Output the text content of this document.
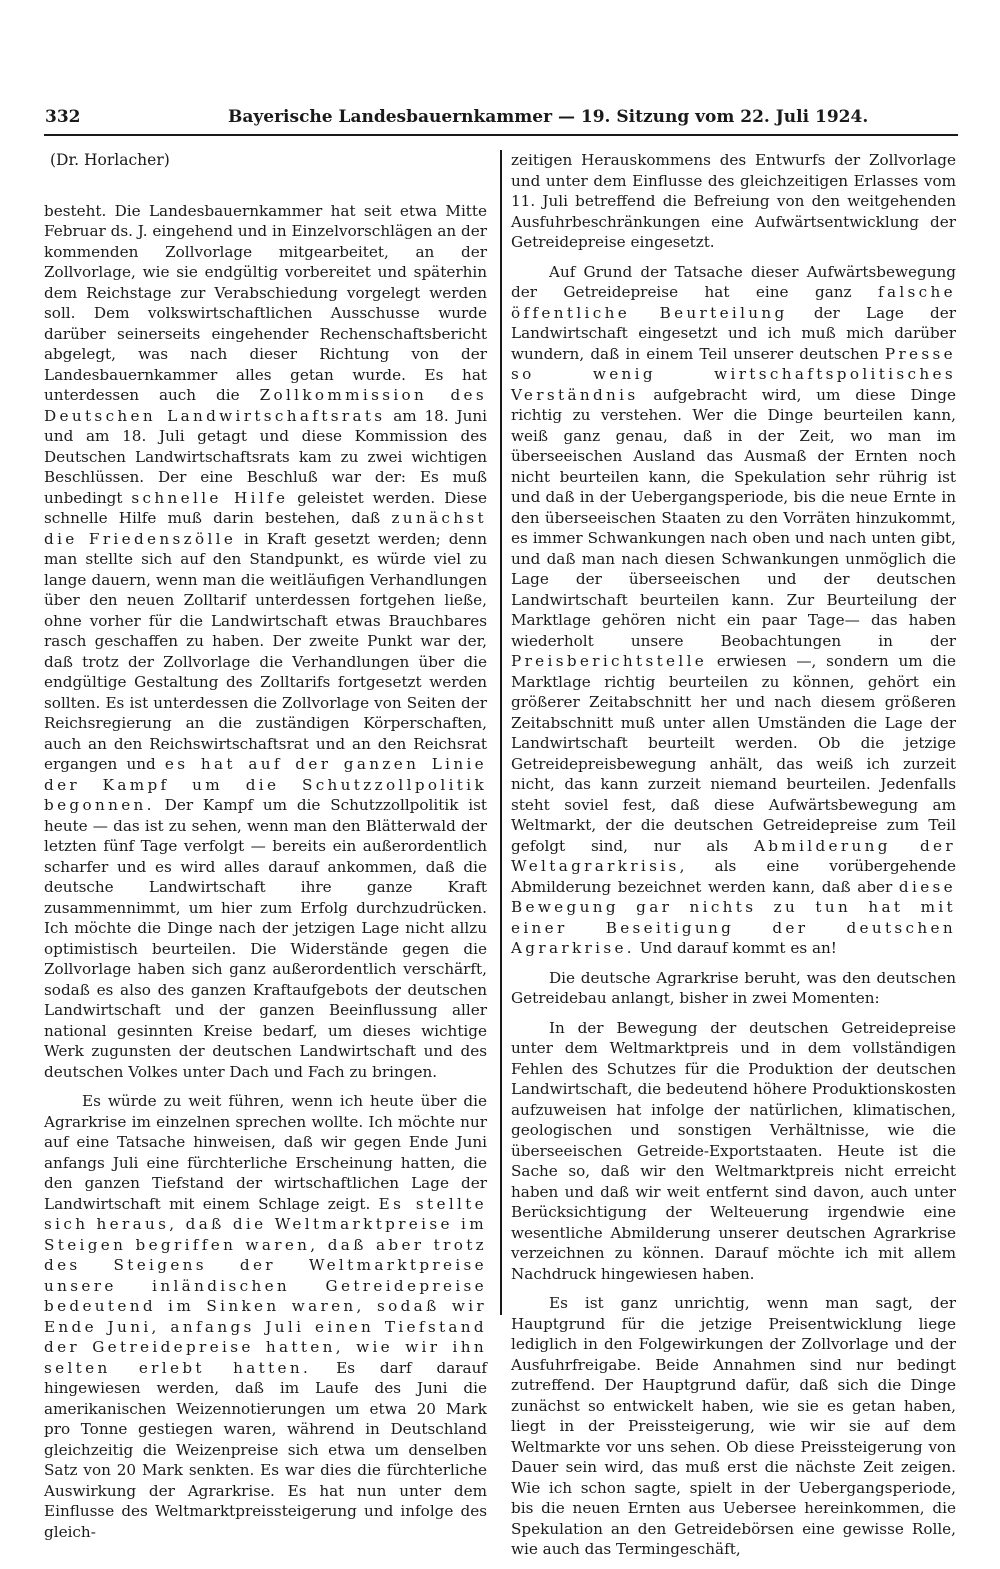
332	Bayerische Landesbauernkammer — 19. Sitzung vom 22. Juli 1924.
(Dr. Horlacher)

besteht. Die Landesbauernkammer hat seit etwa Mitte Februar ds. J. eingehend und in Einzelvorschlägen an der kommenden Zollvorlage mitgearbeitet, an der Zollvorlage, wie sie endgültig vorbereitet und späterhin dem Reichstage zur Verabschiedung vorgelegt werden soll. Dem volkswirtschaftlichen Ausschusse wurde darüber seinerseits eingehender Rechenschaftsbericht abgelegt, was nach dieser Richtung von der Landesbauernkammer alles getan wurde. Es hat unterdessen auch die Zollkommission des Deutschen Landwirtschaftsrats am 18. Juni und am 18. Juli getagt und diese Kommission des Deutschen Landwirtschaftsrats kam zu zwei wichtigen Beschlüssen. Der eine Beschluß war der: Es muß unbedingt schnelle Hilfe geleistet werden. Diese schnelle Hilfe muß darin bestehen, daß zunächst die Friedenszölle in Kraft gesetzt werden; denn man stellte sich auf den Standpunkt, es würde viel zu lange dauern, wenn man die weitläufigen Verhandlungen über den neuen Zolltarif unterdessen fortgehen ließe, ohne vorher für die Landwirtschaft etwas Brauchbares rasch geschaffen zu haben. Der zweite Punkt war der, daß trotz der Zollvorlage die Verhandlungen über die endgültige Gestaltung des Zolltarifs fortgesetzt werden sollten. Es ist unterdessen die Zollvorlage von Seiten der Reichsregierung an die zuständigen Körperschaften, auch an den Reichswirtschaftsrat und an den Reichsrat ergangen und es hat auf der ganzen Linie der Kampf um die Schutzzollpolitik begonnen. Der Kampf um die Schutzzollpolitik ist heute — das ist zu sehen, wenn man den Blätterwald der letzten fünf Tage verfolgt — bereits ein außerordentlich scharfer und es wird alles darauf ankommen, daß die deutsche Landwirtschaft ihre ganze Kraft zusammennimmt, um hier zum Erfolg durchzudrücken. Ich möchte die Dinge nach der jetzigen Lage nicht allzu optimistisch beurteilen. Die Widerstände gegen die Zollvorlage haben sich ganz außerordentlich verschärft, sodaß es also des ganzen Kraftaufgebots der deutschen Landwirtschaft und der ganzen Beeinflussung aller national gesinnten Kreise bedarf, um dieses wichtige Werk zugunsten der deutschen Landwirtschaft und des deutschen Volkes unter Dach und Fach zu bringen.

Es würde zu weit führen, wenn ich heute über die Agrarkrise im einzelnen sprechen wollte. Ich möchte nur auf eine Tatsache hinweisen, daß wir gegen Ende Juni anfangs Juli eine fürchterliche Erscheinung hatten, die den ganzen Tiefstand der wirtschaftlichen Lage der Landwirtschaft mit einem Schlage zeigt. Es stellte sich heraus, daß die Weltmarktpreise im Steigen begriffen waren, daß aber trotz des Steigens der Weltmarktpreise unsere inländischen Getreidepreise bedeutend im Sinken waren, sodaß wir Ende Juni, anfangs Juli einen Tiefstand der Getreidepreise hatten, wie wir ihn selten erlebt hatten. Es darf darauf hingewiesen werden, daß im Laufe des Juni die amerikanischen Weizennotierungen um etwa 20 Mark pro Tonne gestiegen waren, während in Deutschland gleichzeitig die Weizenpreise sich etwa um denselben Satz von 20 Mark senkten. Es war dies die fürchterliche Auswirkung der Agrarkrise. Es hat nun unter dem Einflusse des Weltmarktpreissteigerung und infolge des gleich-

zeitigen Herauskommens des Entwurfs der Zollvorlage und unter dem Einflusse des gleichzeitigen Erlasses vom 11. Juli betreffend die Befreiung von den weitgehenden Ausfuhrbeschränkungen eine Aufwärtsentwicklung der Getreidepreise eingesetzt.

Auf Grund der Tatsache dieser Aufwärtsbewegung der Getreidepreise hat eine ganz falsche öffentliche Beurteilung der Lage der Landwirtschaft eingesetzt und ich muß mich darüber wundern, daß in einem Teil unserer deutschen Presse so wenig wirtschaftspolitisches Verständnis aufgebracht wird, um diese Dinge richtig zu verstehen. Wer die Dinge beurteilen kann, weiß ganz genau, daß in der Zeit, wo man im überseeischen Ausland das Ausmaß der Ernten noch nicht beurteilen kann, die Spekulation sehr rührig ist und daß in der Uebergangsperiode, bis die neue Ernte in den überseeischen Staaten zu den Vorräten hinzukommt, es immer Schwankungen nach oben und nach unten gibt, und daß man nach diesen Schwankungen unmöglich die Lage der überseeischen und der deutschen Landwirtschaft beurteilen kann. Zur Beurteilung der Marktlage gehören nicht ein paar Tage— das haben wiederholt unsere Beobachtungen in der Preisberichtstelle erwiesen —, sondern um die Marktlage richtig beurteilen zu können, gehört ein größerer Zeitabschnitt her und nach diesem größeren Zeitabschnitt muß unter allen Umständen die Lage der Landwirtschaft beurteilt werden. Ob die jetzige Getreidepreisbewegung anhält, das weiß ich zurzeit nicht, das kann zurzeit niemand beurteilen. Jedenfalls steht soviel fest, daß diese Aufwärtsbewegung am Weltmarkt, der die deutschen Getreidepreise zum Teil gefolgt sind, nur als Abmilderung der Weltagrarkrisis, als eine vorübergehende Abmilderung bezeichnet werden kann, daß aber diese Bewegung gar nichts zu tun hat mit einer Beseitigung der deutschen Agrarkrise. Und darauf kommt es an!

Die deutsche Agrarkrise beruht, was den deutschen Getreidebau anlangt, bisher in zwei Momenten:

In der Bewegung der deutschen Getreidepreise unter dem Weltmarktpreis und in dem vollständigen Fehlen des Schutzes für die Produktion der deutschen Landwirtschaft, die bedeutend höhere Produktionskosten aufzuweisen hat infolge der natürlichen, klimatischen, geologischen und sonstigen Verhältnisse, wie die überseeischen Getreide-Exportstaaten. Heute ist die Sache so, daß wir den Weltmarktpreis nicht erreicht haben und daß wir weit entfernt sind davon, auch unter Berücksichtigung der Welteuerung irgendwie eine wesentliche Abmilderung unserer deutschen Agrarkrise verzeichnen zu können. Darauf möchte ich mit allem Nachdruck hingewiesen haben.

Es ist ganz unrichtig, wenn man sagt, der Hauptgrund für die jetzige Preisentwicklung liege lediglich in den Folgewirkungen der Zollvorlage und der Ausfuhrfreigabe. Beide Annahmen sind nur bedingt zutreffend. Der Hauptgrund dafür, daß sich die Dinge zunächst so entwickelt haben, wie sie es getan haben, liegt in der Preissteigerung, wie wir sie auf dem Weltmarkte vor uns sehen. Ob diese Preissteigerung von Dauer sein wird, das muß erst die nächste Zeit zeigen. Wie ich schon sagte, spielt in der Uebergangsperiode, bis die neuen Ernten aus Uebersee hereinkommen, die Spekulation an den Getreidebörsen eine gewisse Rolle, wie auch das Termingeschäft,
